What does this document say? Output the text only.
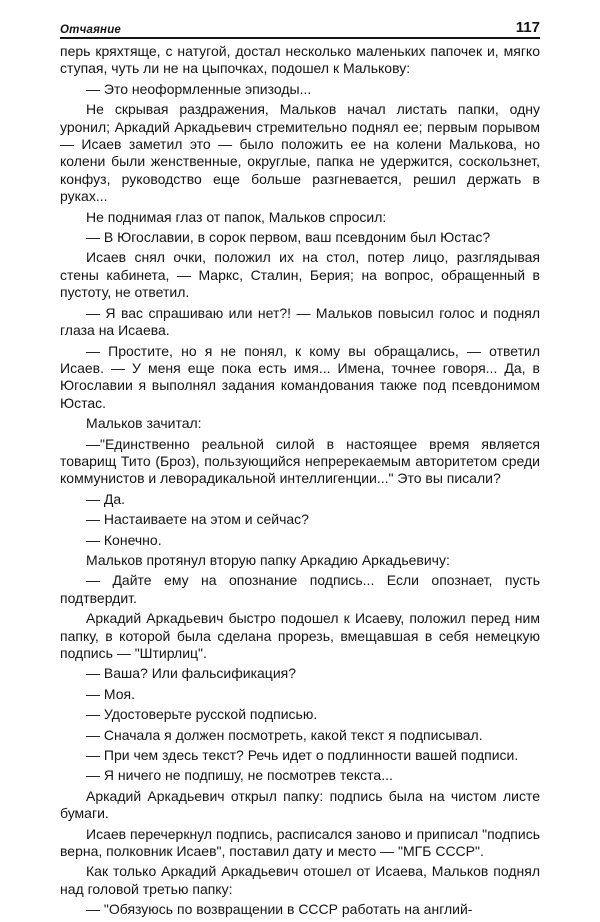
Отчаяние	117

перь кряхтяще, с натугой, достал несколько маленьких папочек и, мягко ступая, чуть ли не на цыпочках, подошел к Малькову:

— Это неоформленные эпизоды...

Не скрывая раздражения, Мальков начал листать папки, одну уронил; Аркадий Аркадьевич стремительно поднял ее; первым порывом — Исаев заметил это — было положить ее на колени Малькова, но колени были женственные, округлые, папка не удержится, соскользнет, конфуз, руководство еще больше разгневается, решил держать в руках...

Не поднимая глаз от папок, Мальков спросил:

— В Югославии, в сорок первом, ваш псевдоним был Юстас?

Исаев снял очки, положил их на стол, потер лицо, разглядывая стены кабинета, — Маркс, Сталин, Берия; на вопрос, обращенный в пустоту, не ответил.

— Я вас спрашиваю или нет?! — Мальков повысил голос и поднял глаза на Исаева.

— Простите, но я не понял, к кому вы обращались, — ответил Исаев. — У меня еще пока есть имя... Имена, точнее говоря... Да, в Югославии я выполнял задания командования также под псевдонимом Юстас.

Мальков зачитал:

—"Единственно реальной силой в настоящее время является товарищ Тито (Броз), пользующийся непререкаемым авторитетом среди коммунистов и леворадикальной интеллигенции..." Это вы писали?

— Да.

— Настаиваете на этом и сейчас?

— Конечно.

Мальков протянул вторую папку Аркадию Аркадьевичу:

— Дайте ему на опознание подпись... Если опознает, пусть подтвердит.

Аркадий Аркадьевич быстро подошел к Исаеву, положил перед ним папку, в которой была сделана прорезь, вмещавшая в себя немецкую подпись — "Штирлиц".

— Ваша? Или фальсификация?

— Моя.

— Удостоверьте русской подписью.

— Сначала я должен посмотреть, какой текст я подписывал.

— При чем здесь текст? Речь идет о подлинности вашей подписи.

— Я ничего не подпишу, не посмотрев текста...

Аркадий Аркадьевич открыл папку: подпись была на чистом листе бумаги.

Исаев перечеркнул подпись, расписался заново и приписал "подпись верна, полковник Исаев", поставил дату и место — "МГБ СССР".

Как только Аркадий Аркадьевич отошел от Исаева, Мальков поднял над головой третью папку:

— "Обязуюсь по возвращении в СССР работать на англий-
